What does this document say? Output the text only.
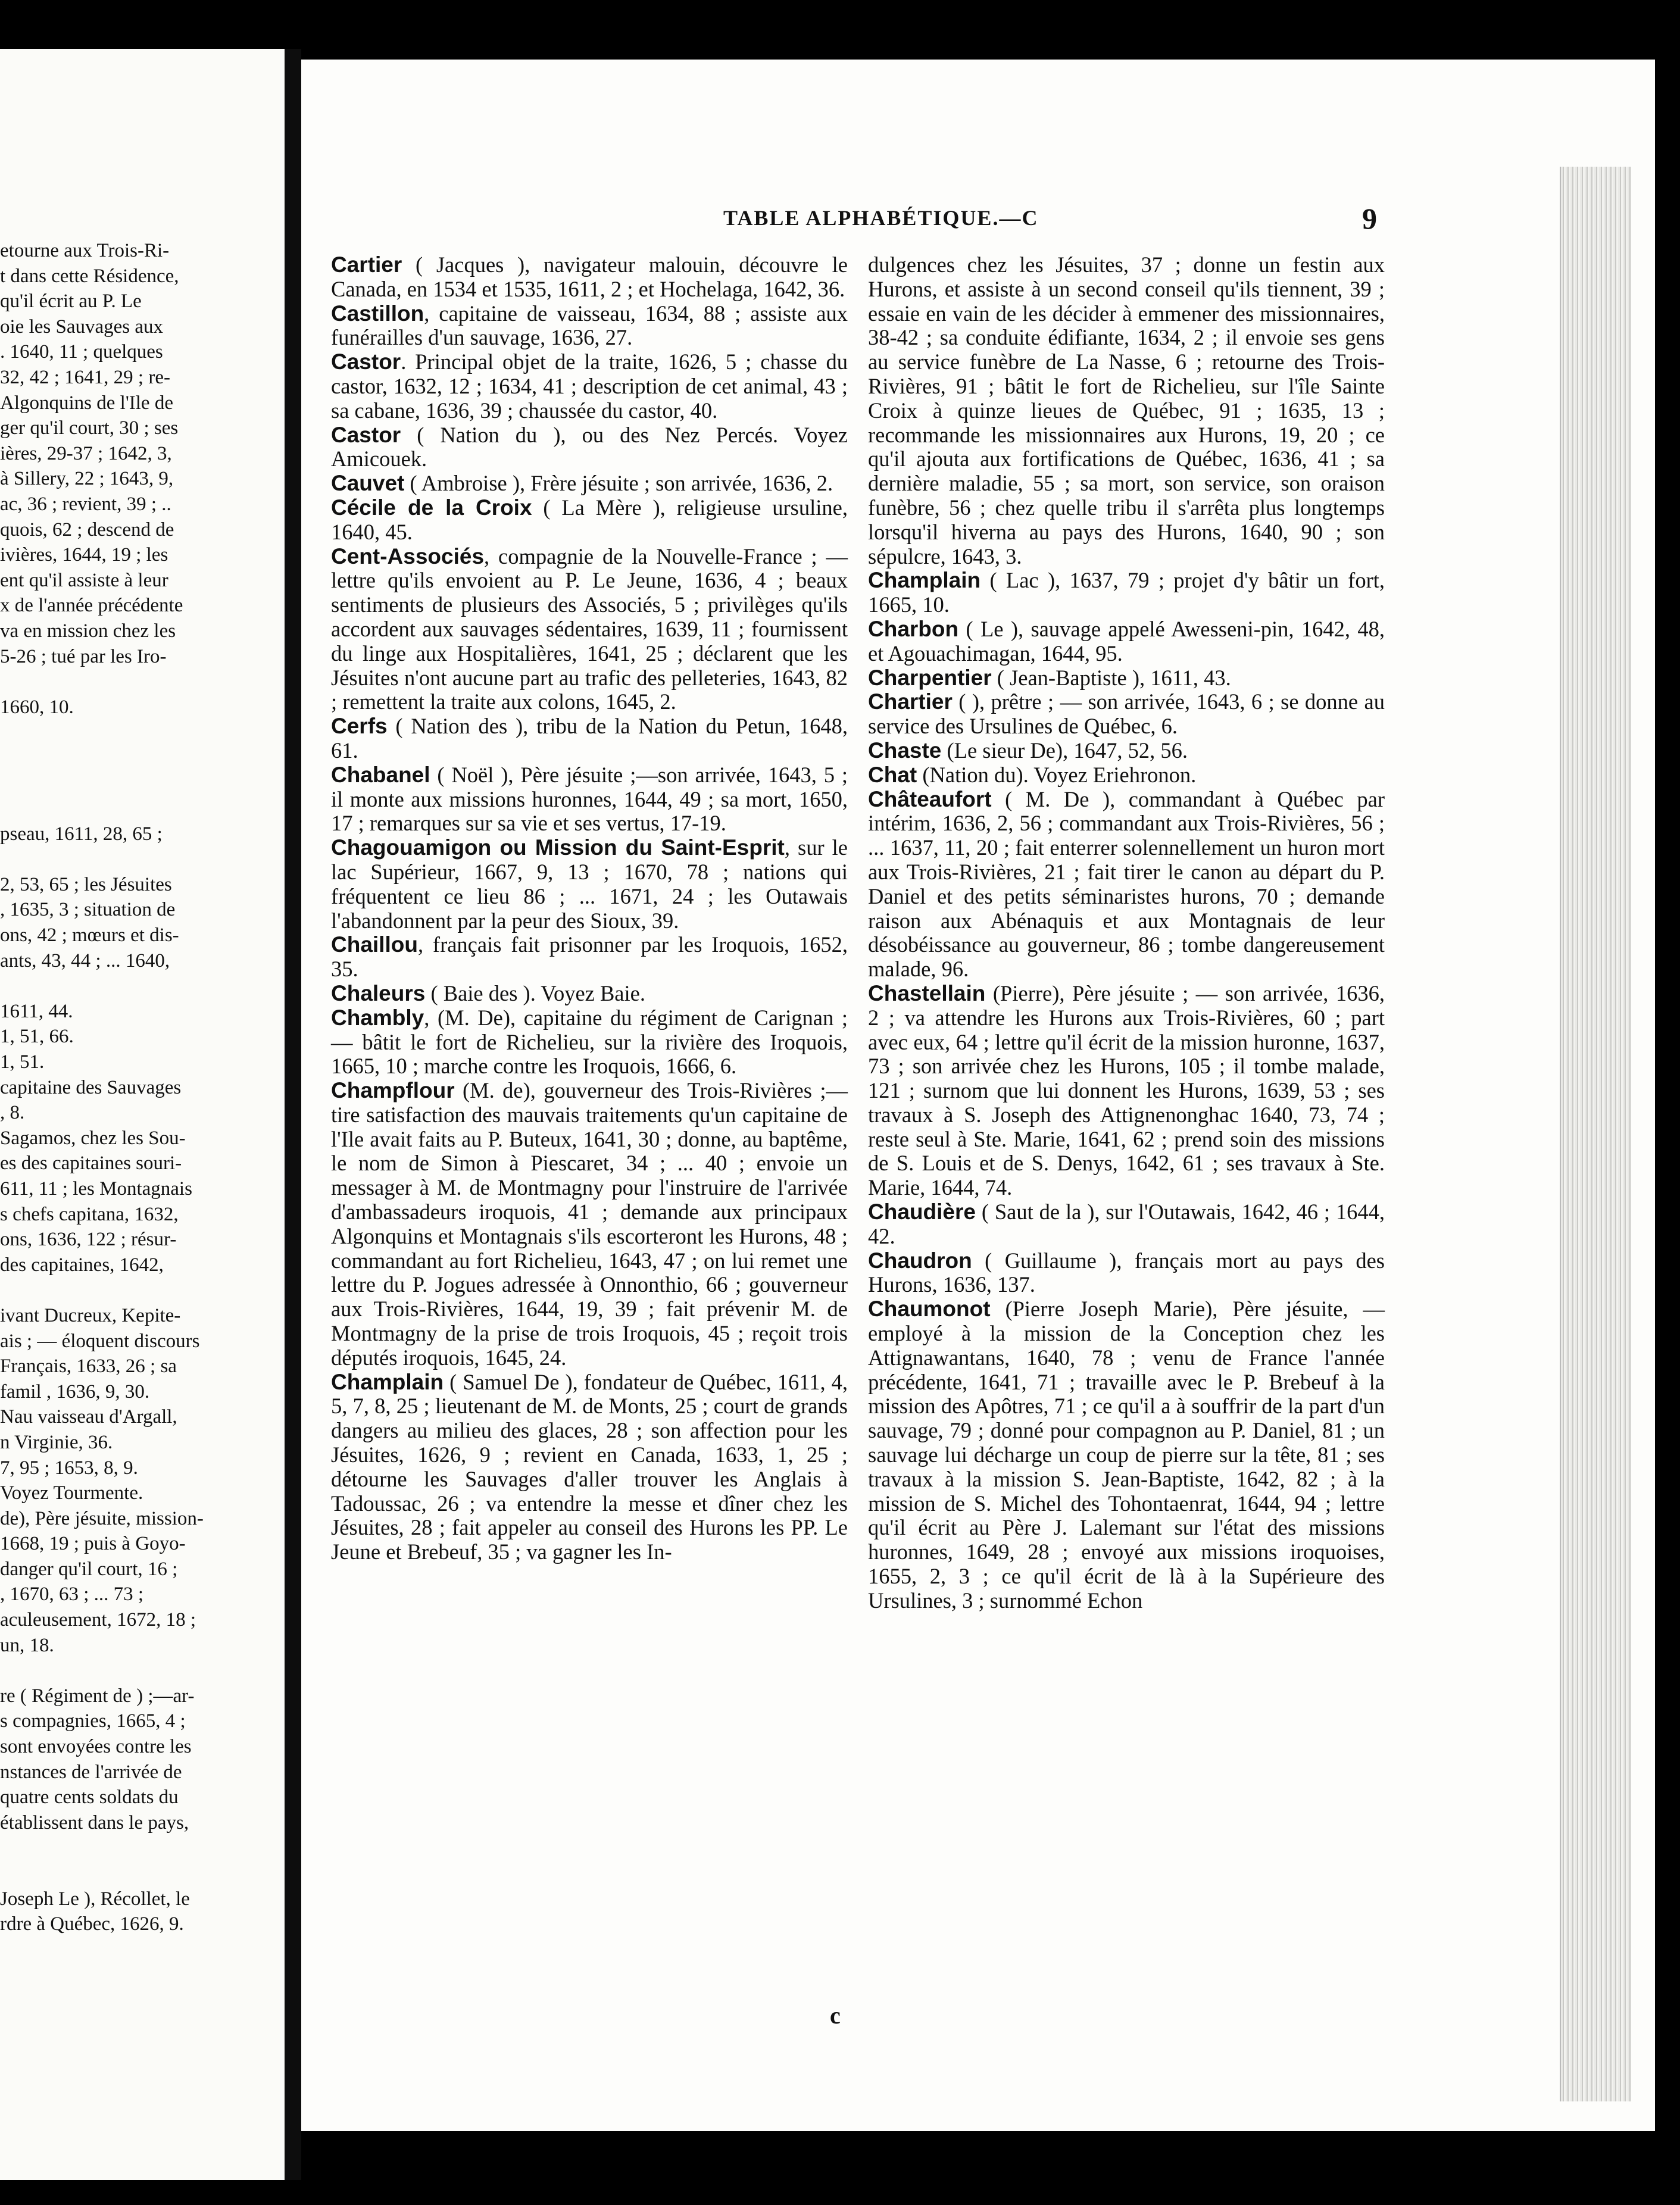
etourne aux Trois-Ri-

t dans cette Résidence,

qu'il écrit au P. Le

oie les Sauvages aux

. 1640, 11 ; quelques

32, 42 ; 1641, 29 ; re-

Algonquins de l'Ile de

ger qu'il court, 30 ; ses

ières, 29-37 ; 1642, 3,

à Sillery, 22 ; 1643, 9,

ac, 36 ; revient, 39 ; ..

quois, 62 ; descend de

ivières, 1644, 19 ; les

ent qu'il assiste à leur

x de l'année précédente

va en mission chez les

5-26 ; tué par les Iro-

1660, 10.

pseau, 1611, 28, 65 ;

2, 53, 65 ; les Jésuites

, 1635, 3 ; situation de

ons, 42 ; mœurs et dis-

ants, 43, 44 ; ... 1640,

1611, 44.

1, 51, 66.

1, 51.

capitaine des Sauvages

, 8.

Sagamos, chez les Sou-

es des capitaines souri-

611, 11 ; les Montagnais

s chefs capitana, 1632,

ons, 1636, 122 ; résur-

des capitaines, 1642,

ivant Ducreux, Kepite-

ais ; — éloquent discours

Français, 1633, 26 ; sa

famil , 1636, 9, 30.

Nau vaisseau d'Argall,

n Virginie, 36.

7, 95 ; 1653, 8, 9.

Voyez Tourmente.

de), Père jésuite, mission-

1668, 19 ; puis à Goyo-

danger qu'il court, 16 ;

, 1670, 63 ; ... 73 ;

aculeusement, 1672, 18 ;

un, 18.

re ( Régiment de ) ;—ar-

s compagnies, 1665, 4 ;

sont envoyées contre les

nstances de l'arrivée de

quatre cents soldats du

établissent dans le pays,

Joseph Le ), Récollet, le

rdre à Québec, 1626, 9.

TABLE ALPHABÉTIQUE.—C	9

Cartier ( Jacques ), navigateur malouin, découvre le Canada, en 1534 et 1535, 1611, 2 ; et Hochelaga, 1642, 36.

Castillon, capitaine de vaisseau, 1634, 88 ; assiste aux funérailles d'un sauvage, 1636, 27.

Castor. Principal objet de la traite, 1626, 5 ; chasse du castor, 1632, 12 ; 1634, 41 ; description de cet animal, 43 ; sa cabane, 1636, 39 ; chaussée du castor, 40.

Castor ( Nation du ), ou des Nez Percés. Voyez Amicouek.

Cauvet ( Ambroise ), Frère jésuite ; son arrivée, 1636, 2.

Cécile de la Croix ( La Mère ), religieuse ursuline, 1640, 45.

Cent-Associés, compagnie de la Nouvelle-France ; — lettre qu'ils envoient au P. Le Jeune, 1636, 4 ; beaux sentiments de plusieurs des Associés, 5 ; privilèges qu'ils accordent aux sauvages sédentaires, 1639, 11 ; fournissent du linge aux Hospitalières, 1641, 25 ; déclarent que les Jésuites n'ont aucune part au trafic des pelleteries, 1643, 82 ; remettent la traite aux colons, 1645, 2.

Cerfs ( Nation des ), tribu de la Nation du Petun, 1648, 61.

Chabanel ( Noël ), Père jésuite ;—son arrivée, 1643, 5 ; il monte aux missions huronnes, 1644, 49 ; sa mort, 1650, 17 ; remarques sur sa vie et ses vertus, 17-19.

Chagouamigon ou Mission du Saint-Esprit, sur le lac Supérieur, 1667, 9, 13 ; 1670, 78 ; nations qui fréquentent ce lieu 86 ; ... 1671, 24 ; les Outawais l'abandonnent par la peur des Sioux, 39.

Chaillou, français fait prisonner par les Iroquois, 1652, 35.

Chaleurs ( Baie des ). Voyez Baie.

Chambly, (M. De), capitaine du régiment de Carignan ; — bâtit le fort de Richelieu, sur la rivière des Iroquois, 1665, 10 ; marche contre les Iroquois, 1666, 6.

Champflour (M. de), gouverneur des Trois-Rivières ;—tire satisfaction des mauvais traitements qu'un capitaine de l'Ile avait faits au P. Buteux, 1641, 30 ; donne, au baptême, le nom de Simon à Piescaret, 34 ; ... 40 ; envoie un messager à M. de Montmagny pour l'instruire de l'arrivée d'ambassadeurs iroquois, 41 ; demande aux principaux Algonquins et Montagnais s'ils escorteront les Hurons, 48 ; commandant au fort Richelieu, 1643, 47 ; on lui remet une lettre du P. Jogues adressée à Onnonthio, 66 ; gouverneur aux Trois-Rivières, 1644, 19, 39 ; fait prévenir M. de Montmagny de la prise de trois Iroquois, 45 ; reçoit trois députés iroquois, 1645, 24.

Champlain ( Samuel De ), fondateur de Québec, 1611, 4, 5, 7, 8, 25 ; lieutenant de M. de Monts, 25 ; court de grands dangers au milieu des glaces, 28 ; son affection pour les Jésuites, 1626, 9 ; revient en Canada, 1633, 1, 25 ; détourne les Sauvages d'aller trouver les Anglais à Tadoussac, 26 ; va entendre la messe et dîner chez les Jésuites, 28 ; fait appeler au conseil des Hurons les PP. Le Jeune et Brebeuf, 35 ; va gagner les In-

dulgences chez les Jésuites, 37 ; donne un festin aux Hurons, et assiste à un second conseil qu'ils tiennent, 39 ; essaie en vain de les décider à emmener des missionnaires, 38-42 ; sa conduite édifiante, 1634, 2 ; il envoie ses gens au service funèbre de La Nasse, 6 ; retourne des Trois-Rivières, 91 ; bâtit le fort de Richelieu, sur l'île Sainte Croix à quinze lieues de Québec, 91 ; 1635, 13 ; recommande les missionnaires aux Hurons, 19, 20 ; ce qu'il ajouta aux fortifications de Québec, 1636, 41 ; sa dernière maladie, 55 ; sa mort, son service, son oraison funèbre, 56 ; chez quelle tribu il s'arrêta plus longtemps lorsqu'il hiverna au pays des Hurons, 1640, 90 ; son sépulcre, 1643, 3.

Champlain ( Lac ), 1637, 79 ; projet d'y bâtir un fort, 1665, 10.

Charbon ( Le ), sauvage appelé Awesseni-pin, 1642, 48, et Agouachimagan, 1644, 95.

Charpentier ( Jean-Baptiste ), 1611, 43.

Chartier ( ), prêtre ; — son arrivée, 1643, 6 ; se donne au service des Ursulines de Québec, 6.

Chaste (Le sieur De), 1647, 52, 56.

Chat (Nation du). Voyez Eriehronon.

Châteaufort ( M. De ), commandant à Québec par intérim, 1636, 2, 56 ; commandant aux Trois-Rivières, 56 ; ... 1637, 11, 20 ; fait enterrer solennellement un huron mort aux Trois-Rivières, 21 ; fait tirer le canon au départ du P. Daniel et des petits séminaristes hurons, 70 ; demande raison aux Abénaquis et aux Montagnais de leur désobéissance au gouverneur, 86 ; tombe dangereusement malade, 96.

Chastellain (Pierre), Père jésuite ; — son arrivée, 1636, 2 ; va attendre les Hurons aux Trois-Rivières, 60 ; part avec eux, 64 ; lettre qu'il écrit de la mission huronne, 1637, 73 ; son arrivée chez les Hurons, 105 ; il tombe malade, 121 ; surnom que lui donnent les Hurons, 1639, 53 ; ses travaux à S. Joseph des Attignenonghac 1640, 73, 74 ; reste seul à Ste. Marie, 1641, 62 ; prend soin des missions de S. Louis et de S. Denys, 1642, 61 ; ses travaux à Ste. Marie, 1644, 74.

Chaudière ( Saut de la ), sur l'Outawais, 1642, 46 ; 1644, 42.

Chaudron ( Guillaume ), français mort au pays des Hurons, 1636, 137.

Chaumonot (Pierre Joseph Marie), Père jésuite, — employé à la mission de la Conception chez les Attignawantans, 1640, 78 ; venu de France l'année précédente, 1641, 71 ; travaille avec le P. Brebeuf à la mission des Apôtres, 71 ; ce qu'il a à souffrir de la part d'un sauvage, 79 ; donné pour compagnon au P. Daniel, 81 ; un sauvage lui décharge un coup de pierre sur la tête, 81 ; ses travaux à la mission S. Jean-Baptiste, 1642, 82 ; à la mission de S. Michel des Tohontaenrat, 1644, 94 ; lettre qu'il écrit au Père J. Lalemant sur l'état des missions huronnes, 1649, 28 ; envoyé aux missions iroquoises, 1655, 2, 3 ; ce qu'il écrit de là à la Supérieure des Ursulines, 3 ; surnommé Echon

c
